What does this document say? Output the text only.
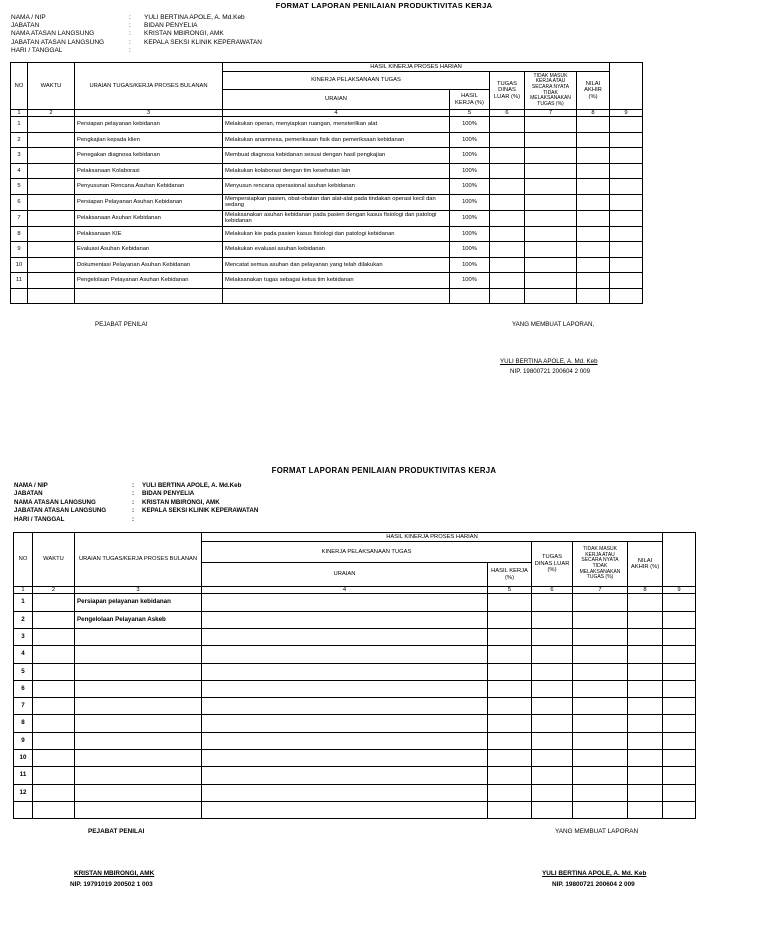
FORMAT LAPORAN PENILAIAN PRODUKTIVITAS KERJA
NAMA / NIP	:	YULI BERTINA APOLE, A. Md.Keb
JABATAN	:	BIDAN PENYELIA
NAMA ATASAN LANGSUNG	:	KRISTAN MBIRONGI, AMK
JABATAN ATASAN LANGSUNG	:	KEPALA SEKSI KLINIK KEPERAWATAN
HARI / TANGGAL	:
NO	WAKTU	URAIAN TUGAS/KERJA PROSES BULANAN	HASIL KINERJA PROSES HARIAN					
			KINERJA PELAKSANAAN TUGAS		TUGAS DINAS LUAR (%)	TIDAK MASUK KERJA ATAU SECARA NYATA TIDAK MELAKSANAKAN TUGAS (%)	NILAI AKHIR (%)	
			URAIAN	HASIL KERJA (%)				
1	2	3	4	5	6	7	8	9
1		Persiapan pelayanan kebidanan	Melakukan operan, menyiapkan ruangan, mensterilkan alat	100%				
2		Pengkajian kepada klien	Melakukan anamnesa, pemeriksaan fisik dan pemeriksaan kebidanan	100%				
3		Penegakan diagnosa kebidanan	Membuat diagnosa kebidanan sesuai dengan hasil pengkajian	100%				
4		Pelaksanaan Kolaborasi	Melakukan kolaborasi dengan tim kesehatan lain	100%				
5		Penyusunan Rencana Asuhan Kebidanan	Menyusun rencana operasional asuhan kebidanan	100%				
6		Persiapan Pelayanan Asuhan Kebidanan	Mempersiapkan pasien, obat-obatan dan alat-alat pada tindakan operasi kecil dan sedang	100%				
7		Pelaksanaan Asuhan Kebidanan	Melaksanakan asuhan kebidanan pada pasien dengan kasus fisiologi dan patologi kebidanan	100%				
8		Pelaksanaan KIE	Melakukan kie pada pasien kasus fisiologi dan patologi kebidanan	100%				
9		Evaluasi Asuhan Kebidanan	Melakukan evaluasi asuhan kebidanan	100%				
10		Dokumentasi Pelayanan Asuhan Kebidanan	Mencatat semua asuhan dan pelayanan yang telah dilakukan	100%				
11		Pengelolaan Pelayanan Asuhan Kebidanan	Melaksanakan tugas sebagai ketua tim kebidanan	100%				

PEJABAT PENILAI	YANG MEMBUAT LAPORAN,
YULI BERTINA APOLE, A. Md. Keb
NIP. 19800721 200604 2 009
FORMAT LAPORAN PENILAIAN PRODUKTIVITAS KERJA
NAMA / NIP	:	YULI BERTINA APOLE, A. Md.Keb
JABATAN	:	BIDAN PENYELIA
NAMA ATASAN LANGSUNG	:	KRISTAN MBIRONGI, AMK
JABATAN ATASAN LANGSUNG	:	KEPALA SEKSI KLINIK KEPERAWATAN
HARI / TANGGAL	:
NO	WAKTU	URAIAN TUGAS/KERJA PROSES BULANAN	HASIL KINERJA PROSES HARIAN					
			KINERJA PELAKSANAAN TUGAS		TUGAS DINAS LUAR (%)	TIDAK MASUK KERJA ATAU SECARA NYATA TIDAK MELAKSANAKAN TUGAS (%)	NILAI AKHIR (%)	
			URAIAN	HASIL KERJA (%)				
1	2	3	4	5	6	7	8	9
1		Persiapan pelayanan kebidanan						
2		Pengelolaan Pelayanan Askeb						
3								
4								
5								
6								
7								
8								
9								
10								
11								
12								

PEJABAT PENILAI	YANG MEMBUAT LAPORAN
KRISTAN MBIRONGI, AMK
NIP. 19791019 200502 1 003
YULI BERTINA APOLE, A. Md. Keb
NIP. 19800721 200604 2 009
